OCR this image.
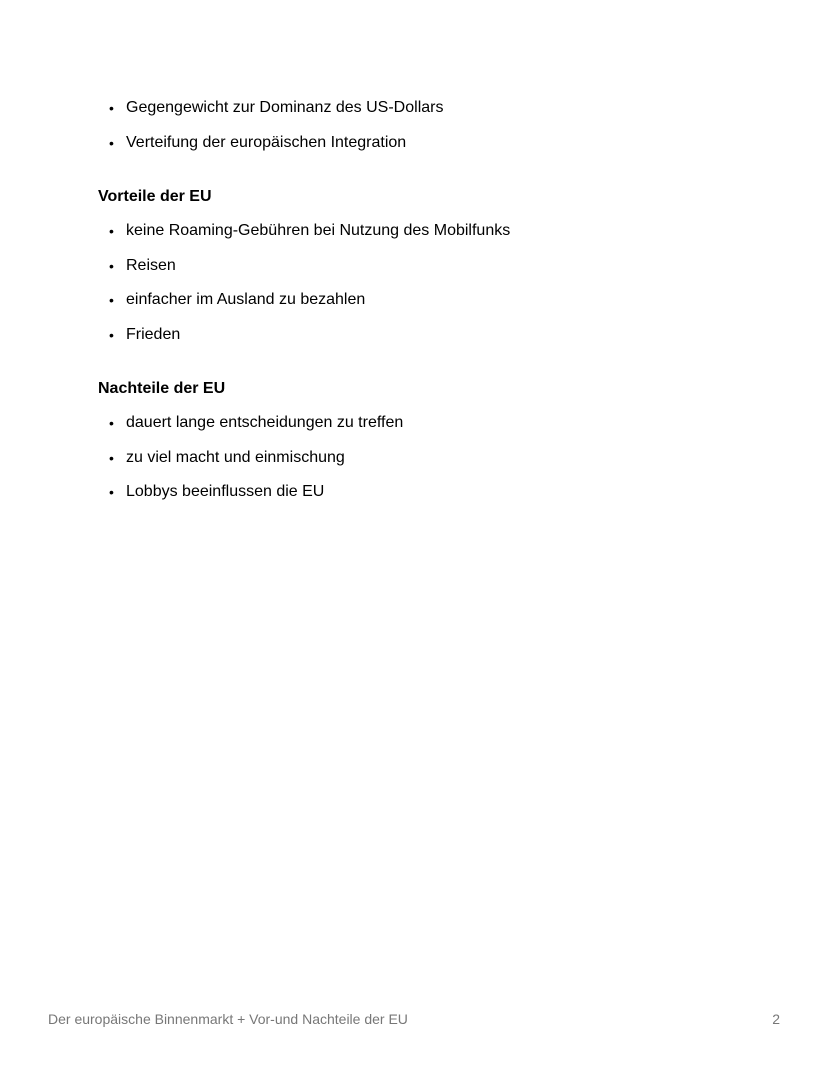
• Gegengewicht zur Dominanz des US-Dollars
• Verteifung der europäischen Integration
Vorteile der EU
• keine Roaming-Gebühren bei Nutzung des Mobilfunks
• Reisen
• einfacher im Ausland zu bezahlen
• Frieden
Nachteile der EU
• dauert lange entscheidungen zu treffen
• zu viel macht und einmischung
• Lobbys beeinflussen die EU
Der europäische Binnenmarkt + Vor-und Nachteile der EU	2
